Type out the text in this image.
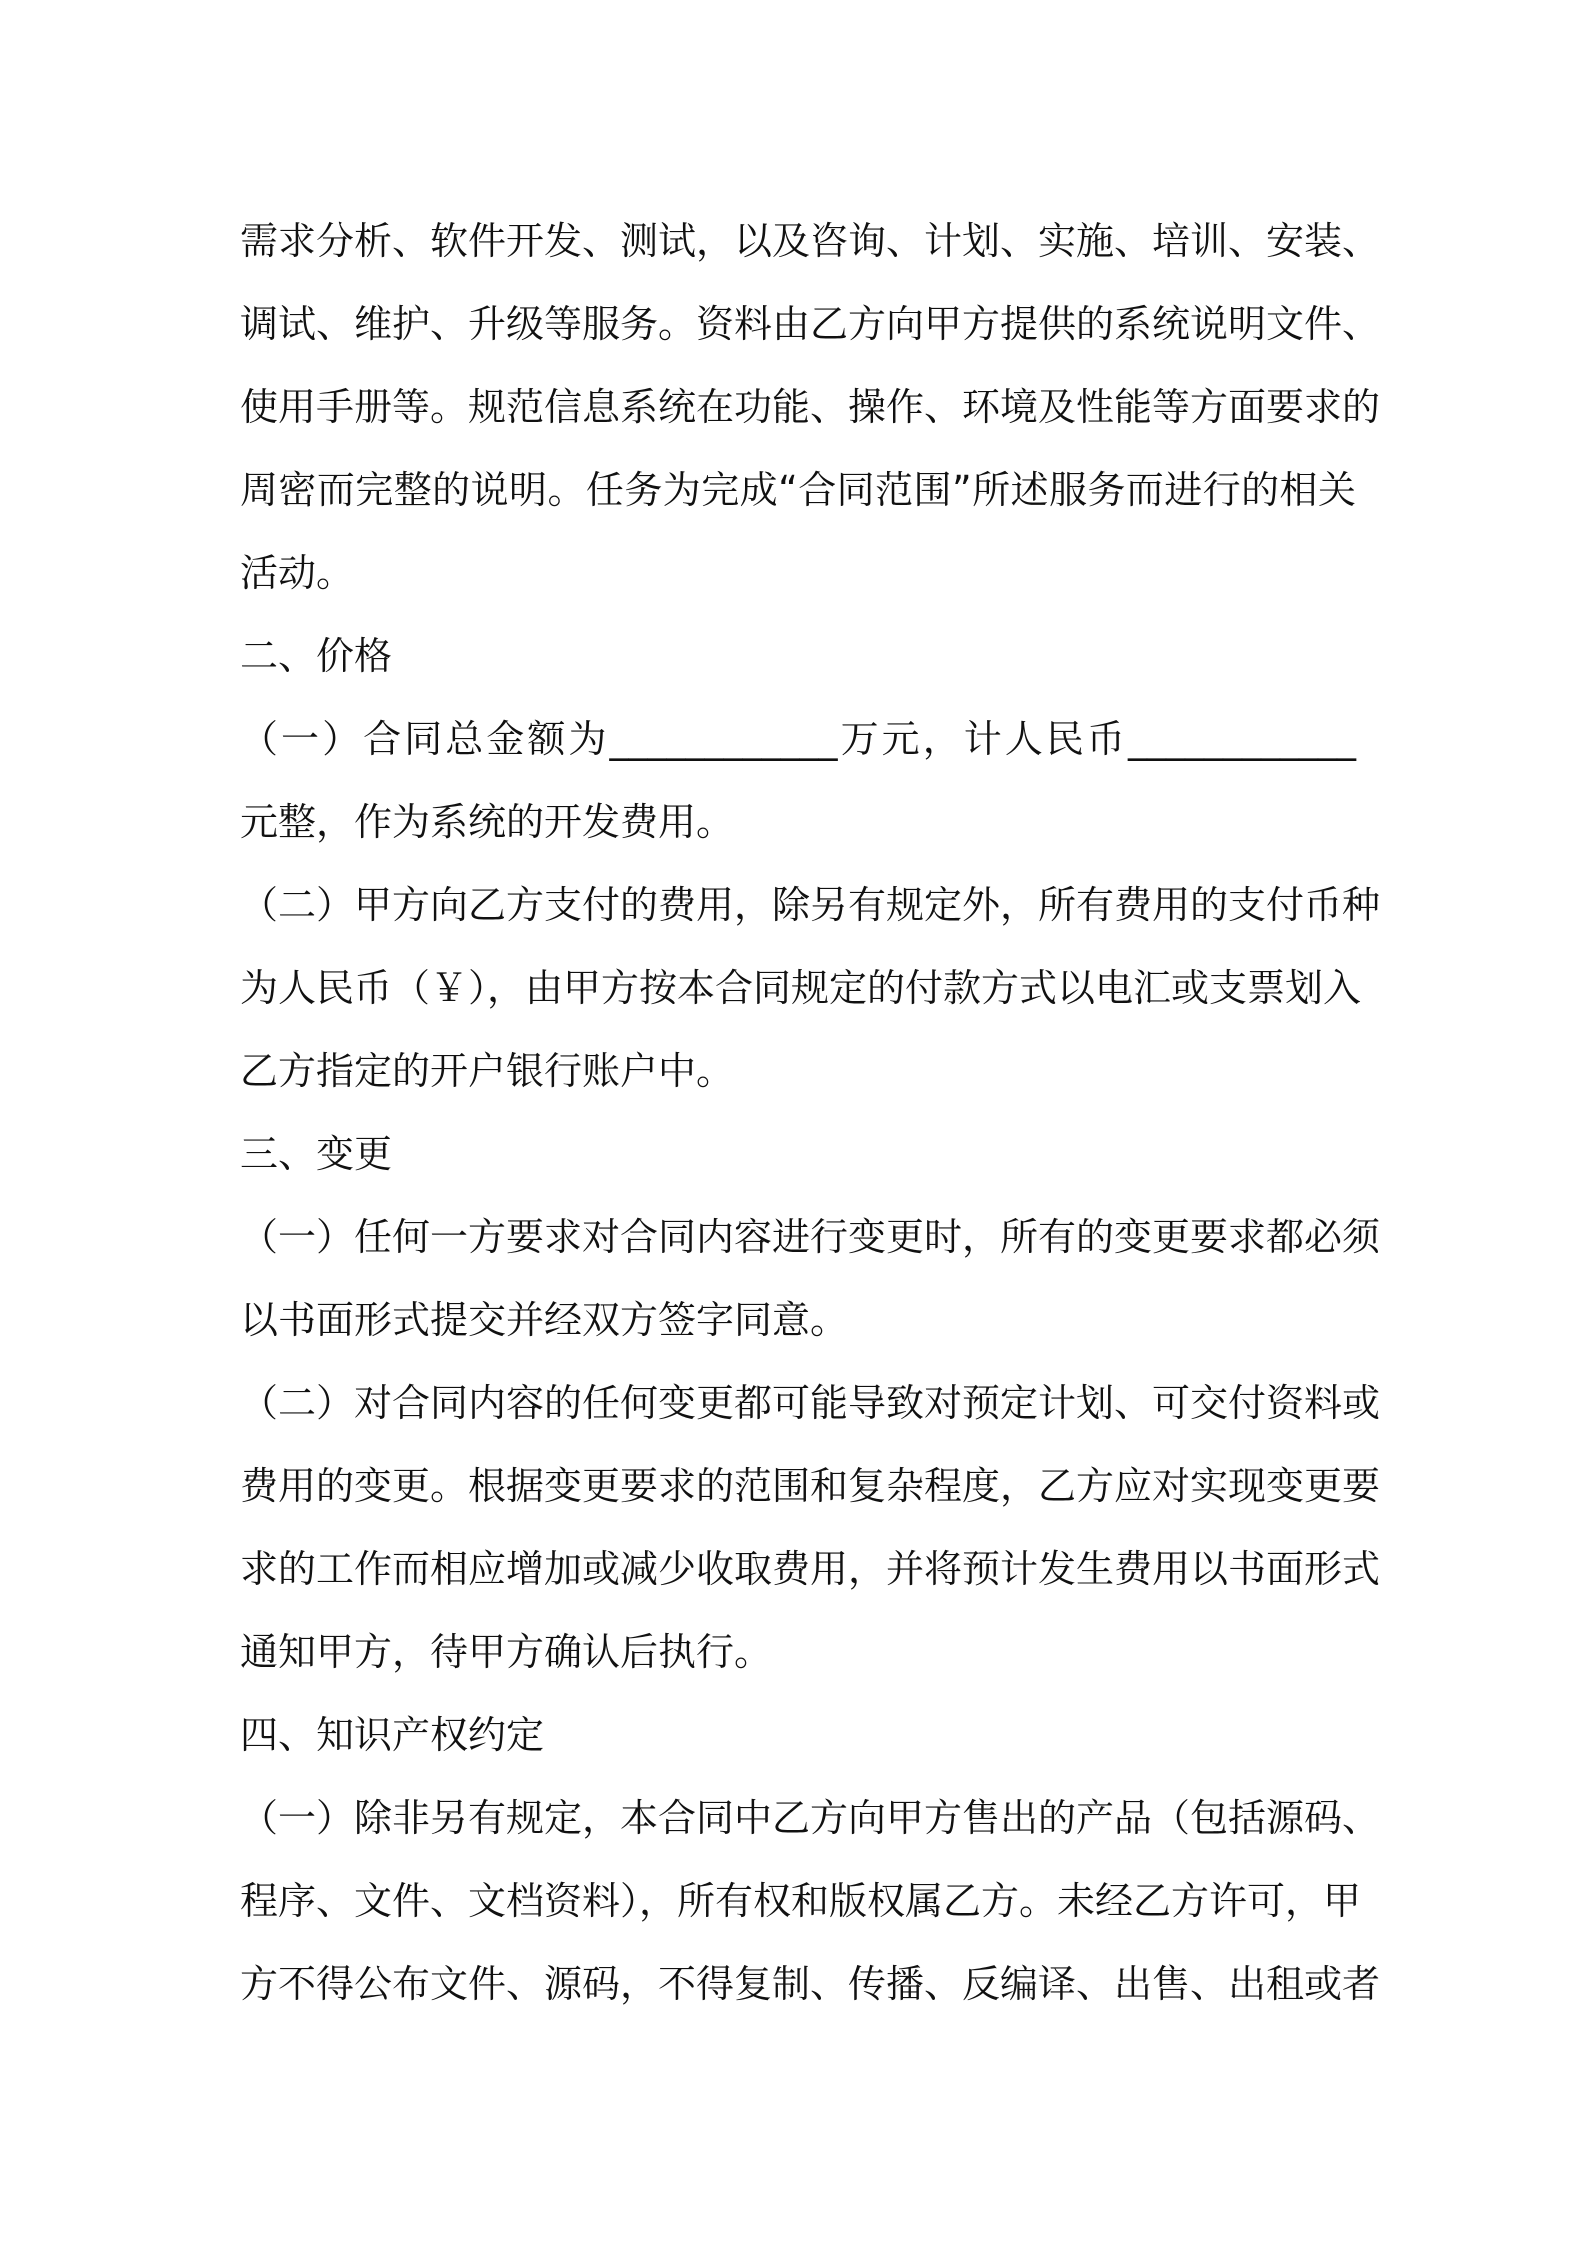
需求分析、软件开发、测试，以及咨询、计划、实施、培训、安装、
调试、维护、升级等服务。资料由乙方向甲方提供的系统说明文件、
使用手册等。规范信息系统在功能、操作、环境及性能等方面要求的
周密而完整的说明。任务为完成“合同范围”所述服务而进行的相关
活动。
二、价格
（一）合同总金额为____________万元，计人民币____________
元整，作为系统的开发费用。
（二）甲方向乙方支付的费用，除另有规定外，所有费用的支付币种
为人民币（￥），由甲方按本合同规定的付款方式以电汇或支票划入
乙方指定的开户银行账户中。
三、变更
（一）任何一方要求对合同内容进行变更时，所有的变更要求都必须
以书面形式提交并经双方签字同意。
（二）对合同内容的任何变更都可能导致对预定计划、可交付资料或
费用的变更。根据变更要求的范围和复杂程度，乙方应对实现变更要
求的工作而相应增加或减少收取费用，并将预计发生费用以书面形式
通知甲方，待甲方确认后执行。
四、知识产权约定
（一）除非另有规定，本合同中乙方向甲方售出的产品（包括源码、
程序、文件、文档资料），所有权和版权属乙方。未经乙方许可，甲
方不得公布文件、源码，不得复制、传播、反编译、出售、出租或者
